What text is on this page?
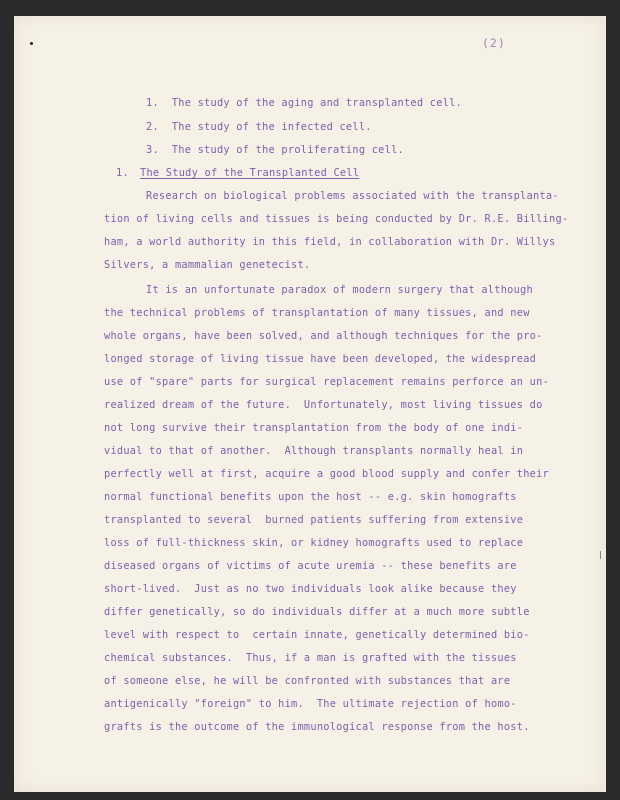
(2)
1.  The study of the aging and transplanted cell.
2.  The study of the infected cell.
3.  The study of the proliferating cell.
1. The Study of the Transplanted Cell
Research on biological problems associated with the transplanta-
tion of living cells and tissues is being conducted by Dr. R.E. Billing-
ham, a world authority in this field, in collaboration with Dr. Willys
Silvers, a mammalian genetecist.
It is an unfortunate paradox of modern surgery that although
the technical problems of transplantation of many tissues, and new
whole organs, have been solved, and although techniques for the pro-
longed storage of living tissue have been developed, the widespread
use of "spare" parts for surgical replacement remains perforce an un-
realized dream of the future.  Unfortunately, most living tissues do
not long survive their transplantation from the body of one indi-
vidual to that of another.  Although transplants normally heal in
perfectly well at first, acquire a good blood supply and confer their
normal functional benefits upon the host -- e.g. skin homografts
transplanted to several  burned patients suffering from extensive
loss of full-thickness skin, or kidney homografts used to replace
diseased organs of victims of acute uremia -- these benefits are
short-lived.  Just as no two individuals look alike because they
differ genetically, so do individuals differ at a much more subtle
level with respect to  certain innate, genetically determined bio-
chemical substances.  Thus, if a man is grafted with the tissues
of someone else, he will be confronted with substances that are
antigenically "foreign" to him.  The ultimate rejection of homo-
grafts is the outcome of the immunological response from the host.
